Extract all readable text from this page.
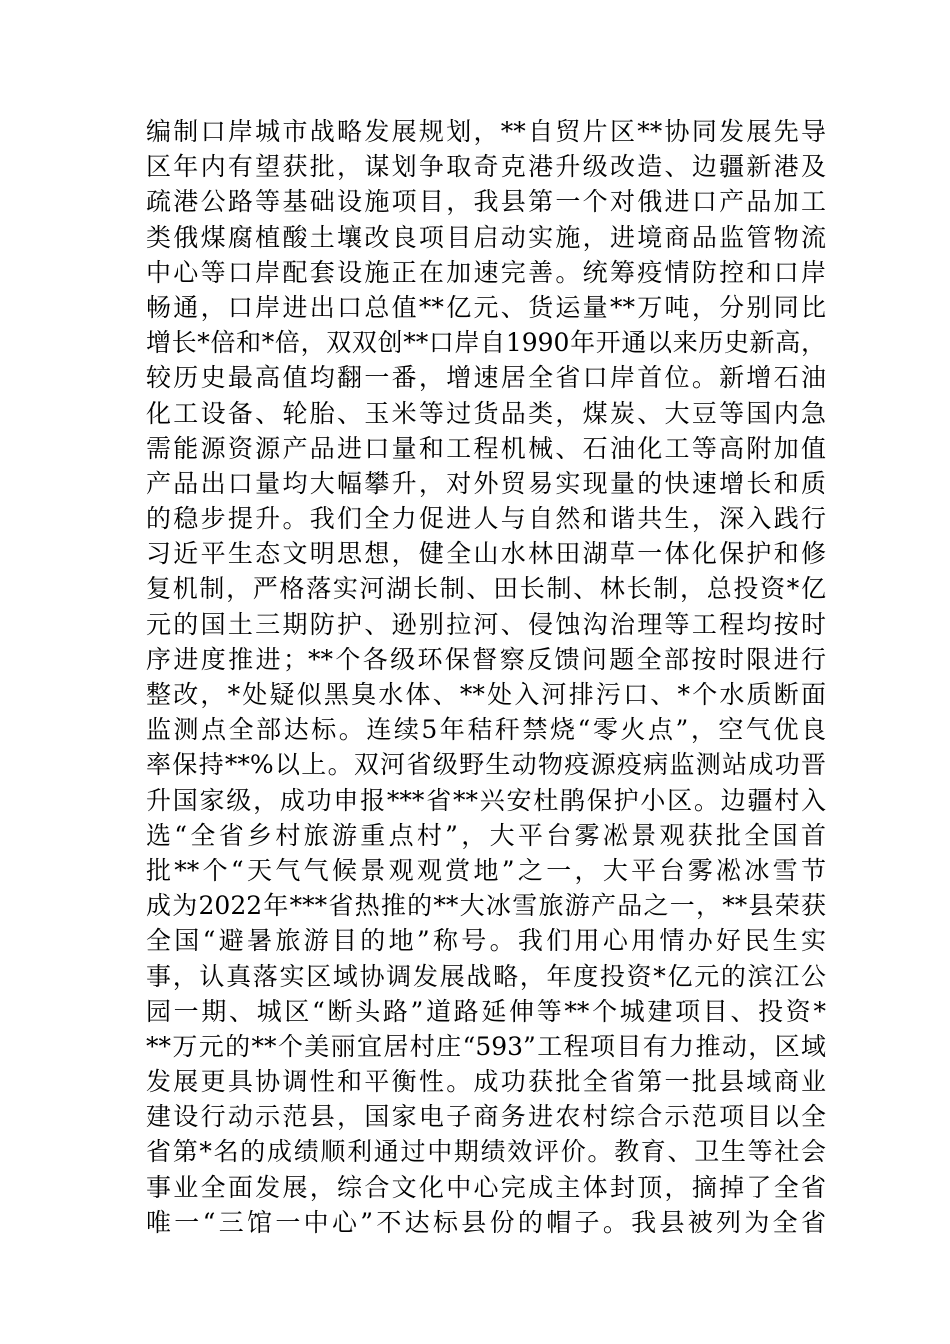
编制口岸城市战略发展规划，**自贸片区**协同发展先导
区年内有望获批，谋划争取奇克港升级改造、边疆新港及
疏港公路等基础设施项目，我县第一个对俄进口产品加工
类俄煤腐植酸土壤改良项目启动实施，进境商品监管物流
中心等口岸配套设施正在加速完善。统筹疫情防控和口岸
畅通，口岸进出口总值**亿元、货运量**万吨，分别同比
增长*倍和*倍，双双创**口岸自1990年开通以来历史新高，
较历史最高值均翻一番，增速居全省口岸首位。新增石油
化工设备、轮胎、玉米等过货品类，煤炭、大豆等国内急
需能源资源产品进口量和工程机械、石油化工等高附加值
产品出口量均大幅攀升，对外贸易实现量的快速增长和质
的稳步提升。我们全力促进人与自然和谐共生，深入践行
习近平生态文明思想，健全山水林田湖草一体化保护和修
复机制，严格落实河湖长制、田长制、林长制，总投资*亿
元的国土三期防护、逊别拉河、侵蚀沟治理等工程均按时
序进度推进；**个各级环保督察反馈问题全部按时限进行
整改，*处疑似黑臭水体、**处入河排污口、*个水质断面
监测点全部达标。连续5年秸秆禁烧“零火点”，空气优良
率保持**%以上。双河省级野生动物疫源疫病监测站成功晋
升国家级，成功申报***省**兴安杜鹃保护小区。边疆村入
选“全省乡村旅游重点村”，大平台雾凇景观获批全国首
批**个“天气气候景观观赏地”之一，大平台雾凇冰雪节
成为2022年***省热推的**大冰雪旅游产品之一，**县荣获
全国“避暑旅游目的地”称号。我们用心用情办好民生实
事，认真落实区域协调发展战略，年度投资*亿元的滨江公
园一期、城区“断头路”道路延伸等**个城建项目、投资*
**万元的**个美丽宜居村庄“593”工程项目有力推动，区域
发展更具协调性和平衡性。成功获批全省第一批县域商业
建设行动示范县，国家电子商务进农村综合示范项目以全
省第*名的成绩顺利通过中期绩效评价。教育、卫生等社会
事业全面发展，综合文化中心完成主体封顶，摘掉了全省
唯一“三馆一中心”不达标县份的帽子。我县被列为全省
